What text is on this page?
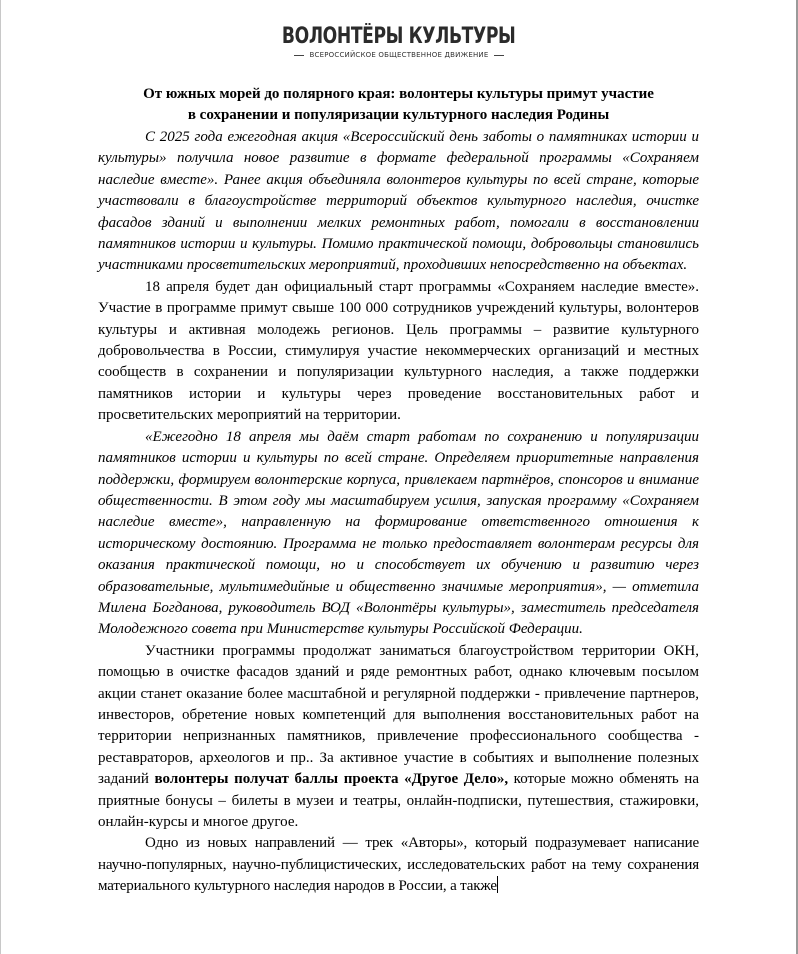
ВОЛОНТЁРЫ КУЛЬТУРЫ
ВСЕРОССИЙСКОЕ ОБЩЕСТВЕННОЕ ДВИЖЕНИЕ
От южных морей до полярного края: волонтеры культуры примут участие
в сохранении и популяризации культурного наследия Родины

С 2025 года ежегодная акция «Всероссийский день заботы о памятниках истории и культуры» получила новое развитие в формате федеральной программы «Сохраняем наследие вместе». Ранее акция объединяла волонтеров культуры по всей стране, которые участвовали в благоустройстве территорий объектов культурного наследия, очистке фасадов зданий и выполнении мелких ремонтных работ, помогали в восстановлении памятников истории и культуры. Помимо практической помощи, добровольцы становились участниками просветительских мероприятий, проходивших непосредственно на объектах.

18 апреля будет дан официальный старт программы «Сохраняем наследие вместе». Участие в программе примут свыше 100 000 сотрудников учреждений культуры, волонтеров культуры и активная молодежь регионов. Цель программы – развитие культурного добровольчества в России, стимулируя участие некоммерческих организаций и местных сообществ в сохранении и популяризации культурного наследия, а также поддержки памятников истории и культуры через проведение восстановительных работ и просветительских мероприятий на территории.

«Ежегодно 18 апреля мы даём старт работам по сохранению и популяризации памятников истории и культуры по всей стране. Определяем приоритетные направления поддержки, формируем волонтерские корпуса, привлекаем партнёров, спонсоров и внимание общественности. В этом году мы масштабируем усилия, запуская программу «Сохраняем наследие вместе», направленную на формирование ответственного отношения к историческому достоянию. Программа не только предоставляет волонтерам ресурсы для оказания практической помощи, но и способствует их обучению и развитию через образовательные, мультимедийные и общественно значимые мероприятия», — отметила Милена Богданова, руководитель ВОД «Волонтёры культуры», заместитель председателя Молодежного совета при Министерстве культуры Российской Федерации.

Участники программы продолжат заниматься благоустройством территории ОКН, помощью в очистке фасадов зданий и ряде ремонтных работ, однако ключевым посылом акции станет оказание более масштабной и регулярной поддержки - привлечение партнеров, инвесторов, обретение новых компетенций для выполнения восстановительных работ на территории непризнанных памятников, привлечение профессионального сообщества - реставраторов, археологов и пр.. За активное участие в событиях и выполнение полезных заданий волонтеры получат баллы проекта «Другое Дело», которые можно обменять на приятные бонусы – билеты в музеи и театры, онлайн-подписки, путешествия, стажировки, онлайн-курсы и многое другое.

Одно из новых направлений — трек «Авторы», который подразумевает написание научно-популярных, научно-публицистических, исследовательских работ на тему сохранения материального культурного наследия народов в России, а также
